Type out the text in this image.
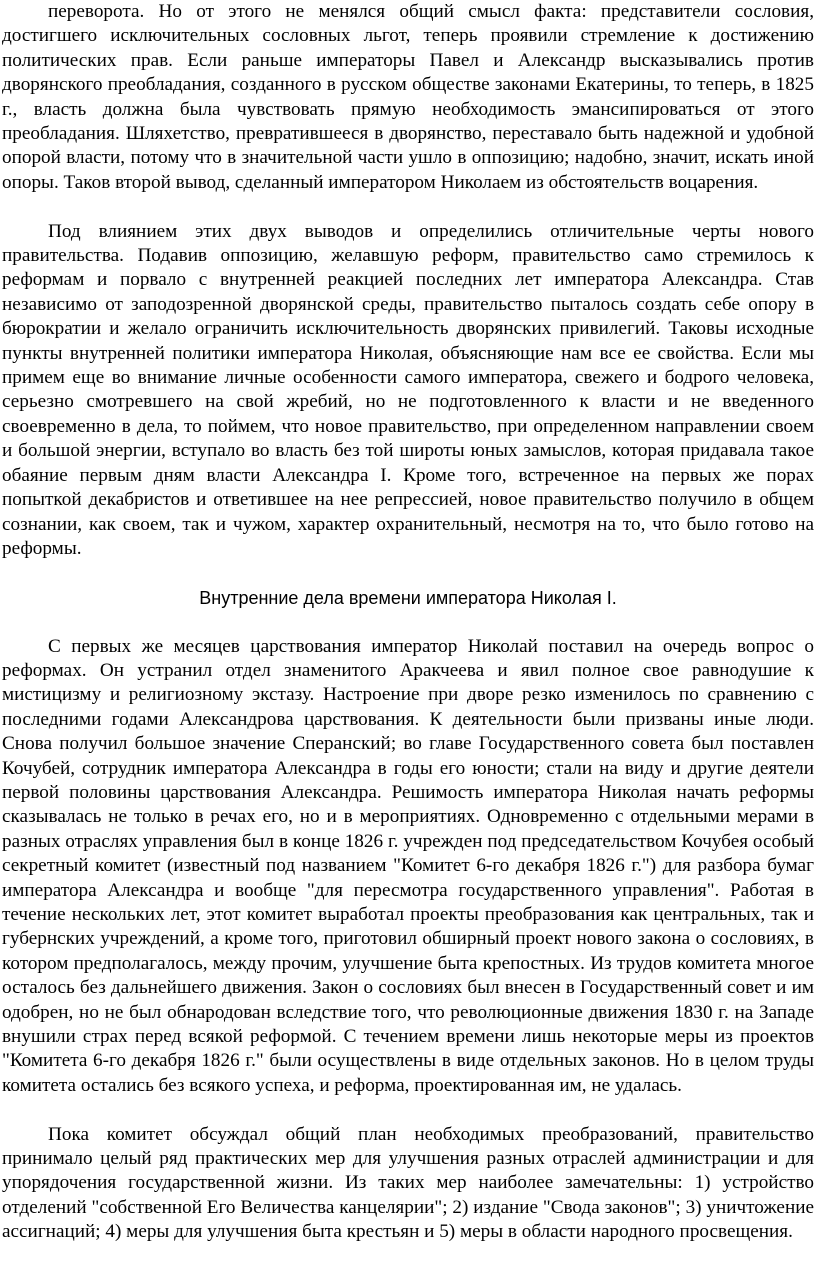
переворота. Но от этого не менялся общий смысл факта: представители сословия, достигшего исключительных сословных льгот, теперь проявили стремление к достижению политических прав. Если раньше императоры Павел и Александр высказывались против дворянского преобладания, созданного в русском обществе законами Екатерины, то теперь, в 1825 г., власть должна была чувствовать прямую необходимость эмансипироваться от этого преобладания. Шляхетство, превратившееся в дворянство, переставало быть надежной и удобной опорой власти, потому что в значительной части ушло в оппозицию; надобно, значит, искать иной опоры. Таков второй вывод, сделанный императором Николаем из обстоятельств воцарения.

Под влиянием этих двух выводов и определились отличительные черты нового правительства. Подавив оппозицию, желавшую реформ, правительство само стремилось к реформам и порвало с внутренней реакцией последних лет императора Александра. Став независимо от заподозренной дворянской среды, правительство пыталось создать себе опору в бюрократии и желало ограничить исключительность дворянских привилегий. Таковы исходные пункты внутренней политики императора Николая, объясняющие нам все ее свойства. Если мы примем еще во внимание личные особенности самого императора, свежего и бодрого человека, серьезно смотревшего на свой жребий, но не подготовленного к власти и не введенного своевременно в дела, то поймем, что новое правительство, при определенном направлении своем и большой энергии, вступало во власть без той широты юных замыслов, которая придавала такое обаяние первым дням власти Александра I. Кроме того, встреченное на первых же порах попыткой декабристов и ответившее на нее репрессией, новое правительство получило в общем сознании, как своем, так и чужом, характер охранительный, несмотря на то, что было готово на реформы.

Внутренние дела времени императора Николая I.

С первых же месяцев царствования император Николай поставил на очередь вопрос о реформах. Он устранил отдел знаменитого Аракчеева и явил полное свое равнодушие к мистицизму и религиозному экстазу. Настроение при дворе резко изменилось по сравнению с последними годами Александрова царствования. К деятельности были призваны иные люди. Снова получил большое значение Сперанский; во главе Государственного совета был поставлен Кочубей, сотрудник императора Александра в годы его юности; стали на виду и другие деятели первой половины царствования Александра. Решимость императора Николая начать реформы сказывалась не только в речах его, но и в мероприятиях. Одновременно с отдельными мерами в разных отраслях управления был в конце 1826 г. учрежден под председательством Кочубея особый секретный комитет (известный под названием "Комитет 6-го декабря 1826 г.") для разбора бумаг императора Александра и вообще "для пересмотра государственного управления". Работая в течение нескольких лет, этот комитет выработал проекты преобразования как центральных, так и губернских учреждений, а кроме того, приготовил обширный проект нового закона о сословиях, в котором предполагалось, между прочим, улучшение быта крепостных. Из трудов комитета многое осталось без дальнейшего движения. Закон о сословиях был внесен в Государственный совет и им одобрен, но не был обнародован вследствие того, что революционные движения 1830 г. на Западе внушили страх перед всякой реформой. С течением времени лишь некоторые меры из проектов "Комитета 6-го декабря 1826 г." были осуществлены в виде отдельных законов. Но в целом труды комитета остались без всякого успеха, и реформа, проектированная им, не удалась.

Пока комитет обсуждал общий план необходимых преобразований, правительство принимало целый ряд практических мер для улучшения разных отраслей администрации и для упорядочения государственной жизни. Из таких мер наиболее замечательны: 1) устройство отделений "собственной Его Величества канцелярии"; 2) издание "Свода законов"; 3) уничтожение ассигнаций; 4) меры для улучшения быта крестьян и 5) меры в области народного просвещения.
